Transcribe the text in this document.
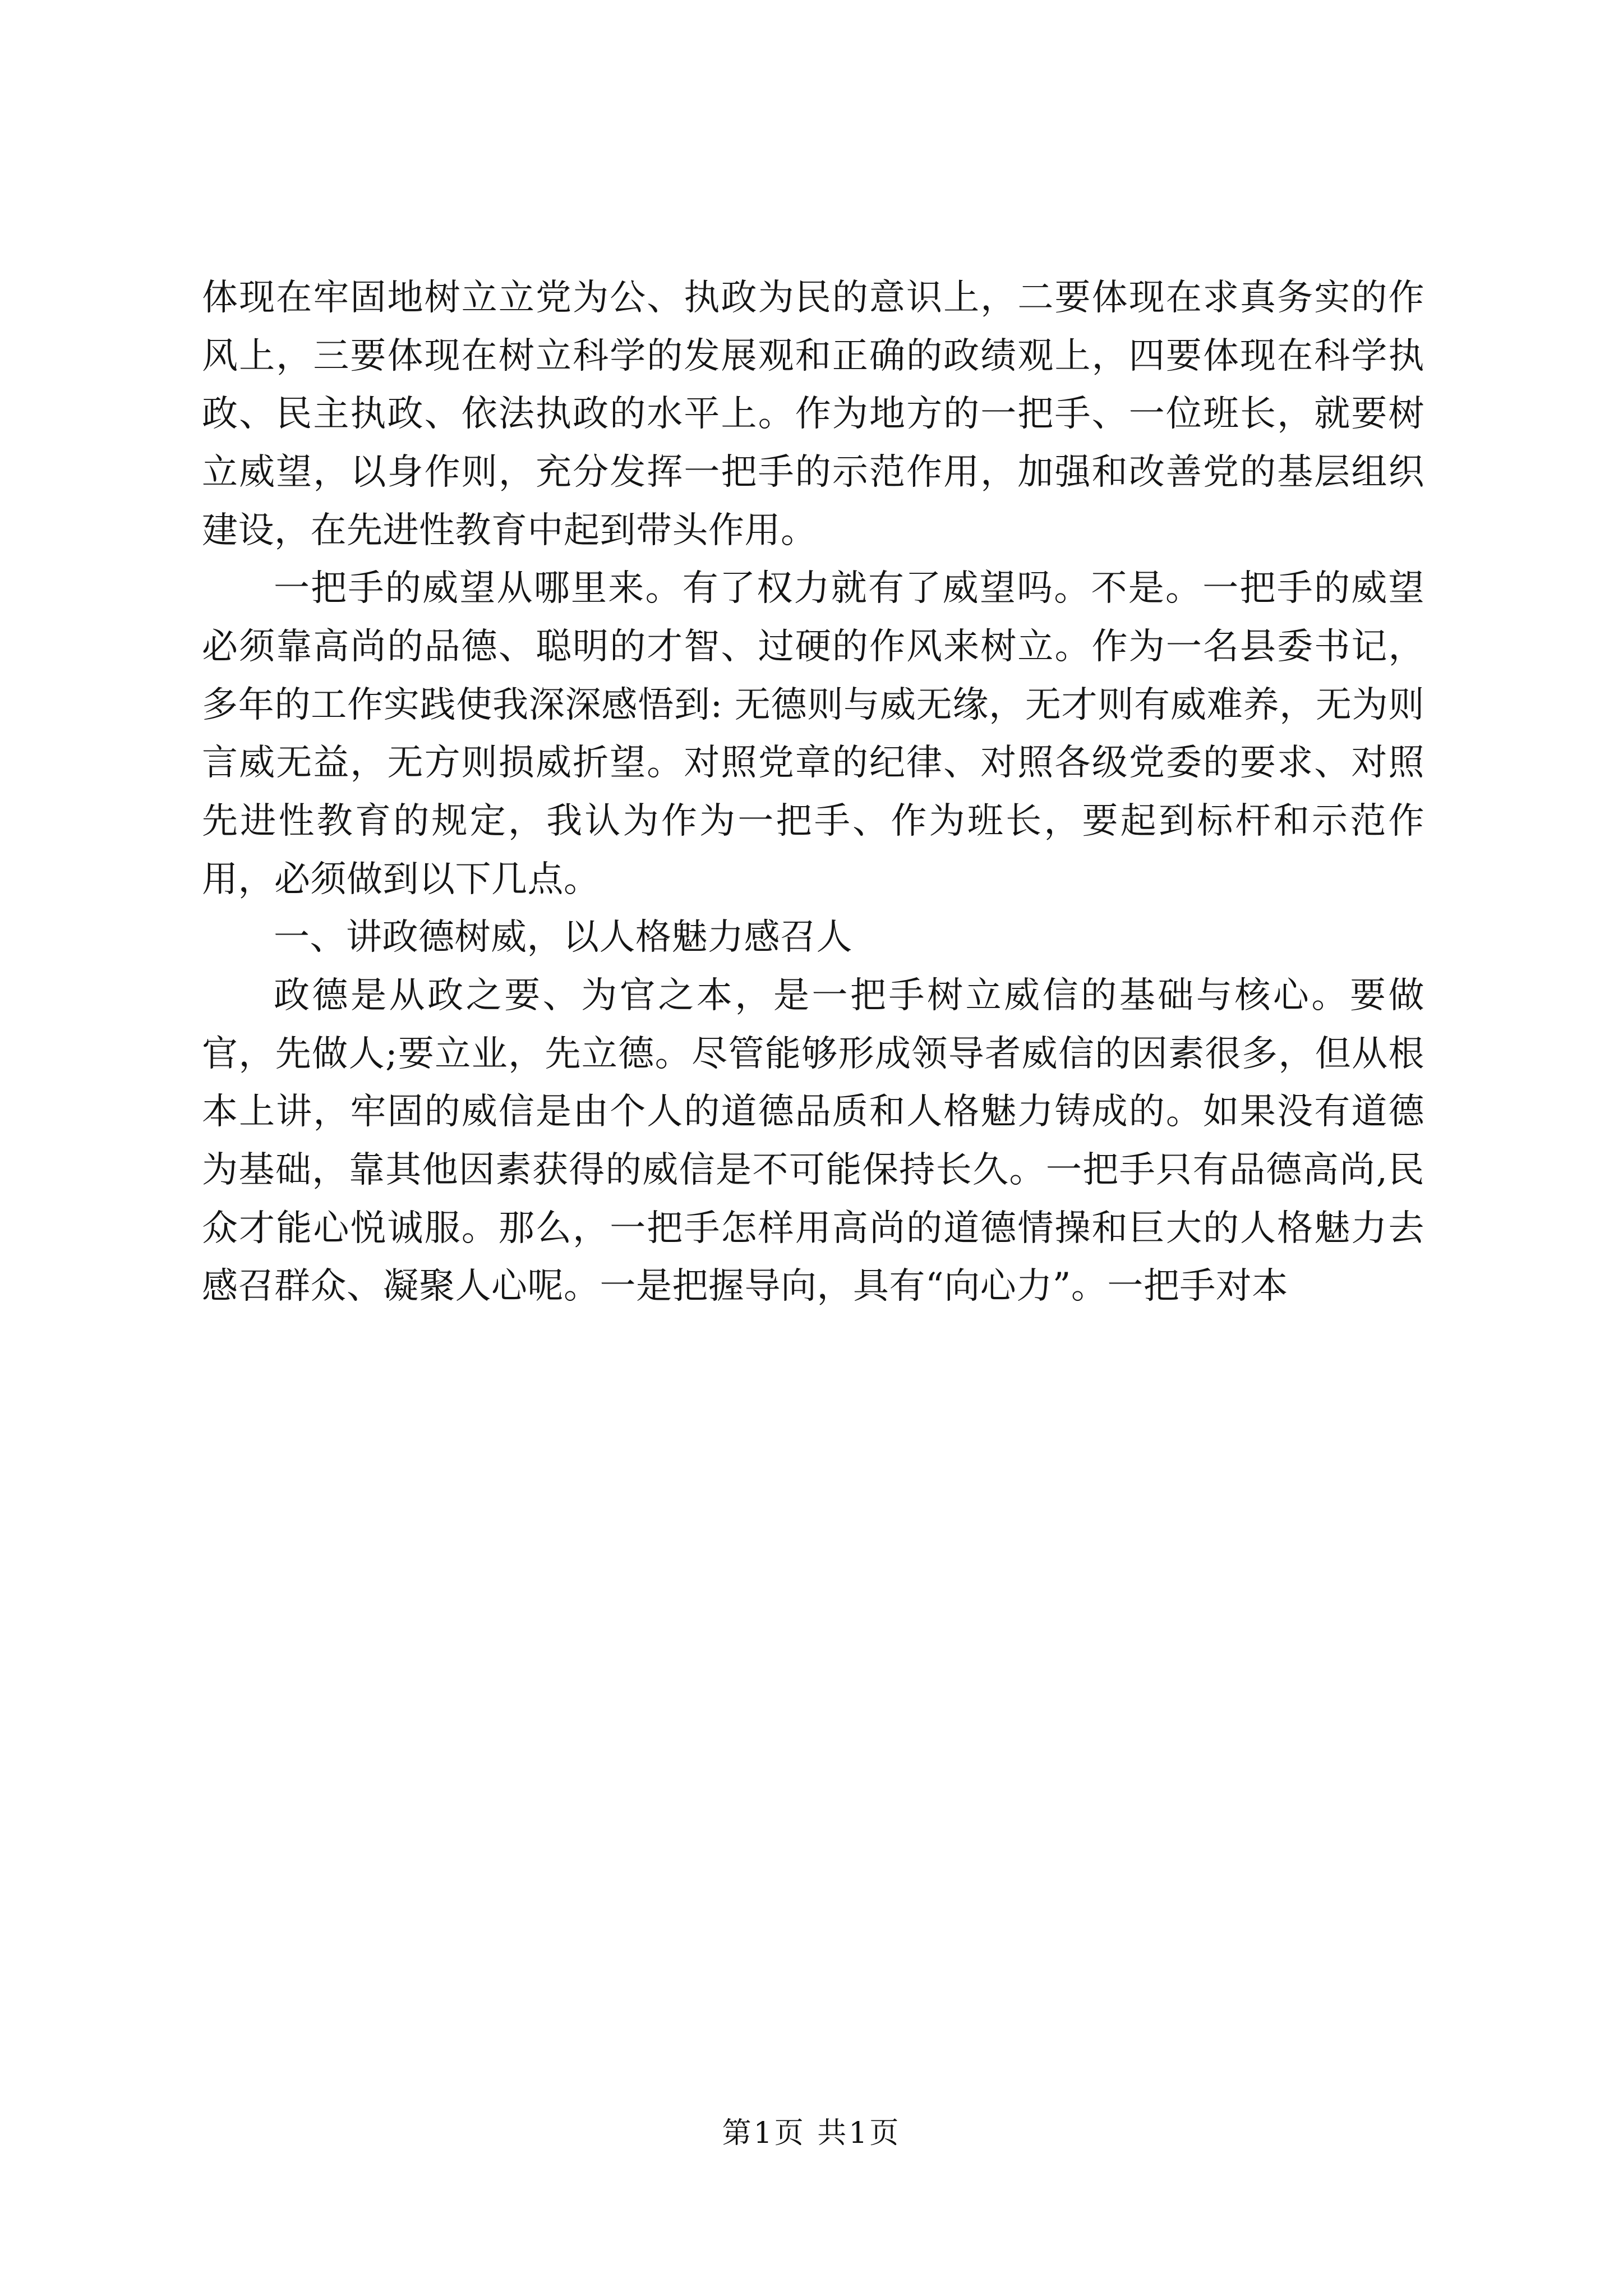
体现在牢固地树立立党为公、执政为民的意识上，二要体现在求真务实的作风上，三要体现在树立科学的发展观和正确的政绩观上，四要体现在科学执政、民主执政、依法执政的水平上。作为地方的一把手、一位班长，就要树立威望，以身作则，充分发挥一把手的示范作用，加强和改善党的基层组织建设，在先进性教育中起到带头作用。

一把手的威望从哪里来。有了权力就有了威望吗。不是。一把手的威望必须靠高尚的品德、聪明的才智、过硬的作风来树立。作为一名县委书记，多年的工作实践使我深深感悟到: 无德则与威无缘，无才则有威难养，无为则言威无益，无方则损威折望。对照党章的纪律、对照各级党委的要求、对照先进性教育的规定，我认为作为一把手、作为班长，要起到标杆和示范作用，必须做到以下几点。

一、讲政德树威，以人格魅力感召人

政德是从政之要、为官之本，是一把手树立威信的基础与核心。要做官，先做人;要立业，先立德。尽管能够形成领导者威信的因素很多，但从根本上讲，牢固的威信是由个人的道德品质和人格魅力铸成的。如果没有道德为基础，靠其他因素获得的威信是不可能保持长久。一把手只有品德高尚,民众才能心悦诚服。那么，一把手怎样用高尚的道德情操和巨大的人格魅力去感召群众、凝聚人心呢。一是把握导向，具有“向心力”。一把手对本

第1页 共1页
